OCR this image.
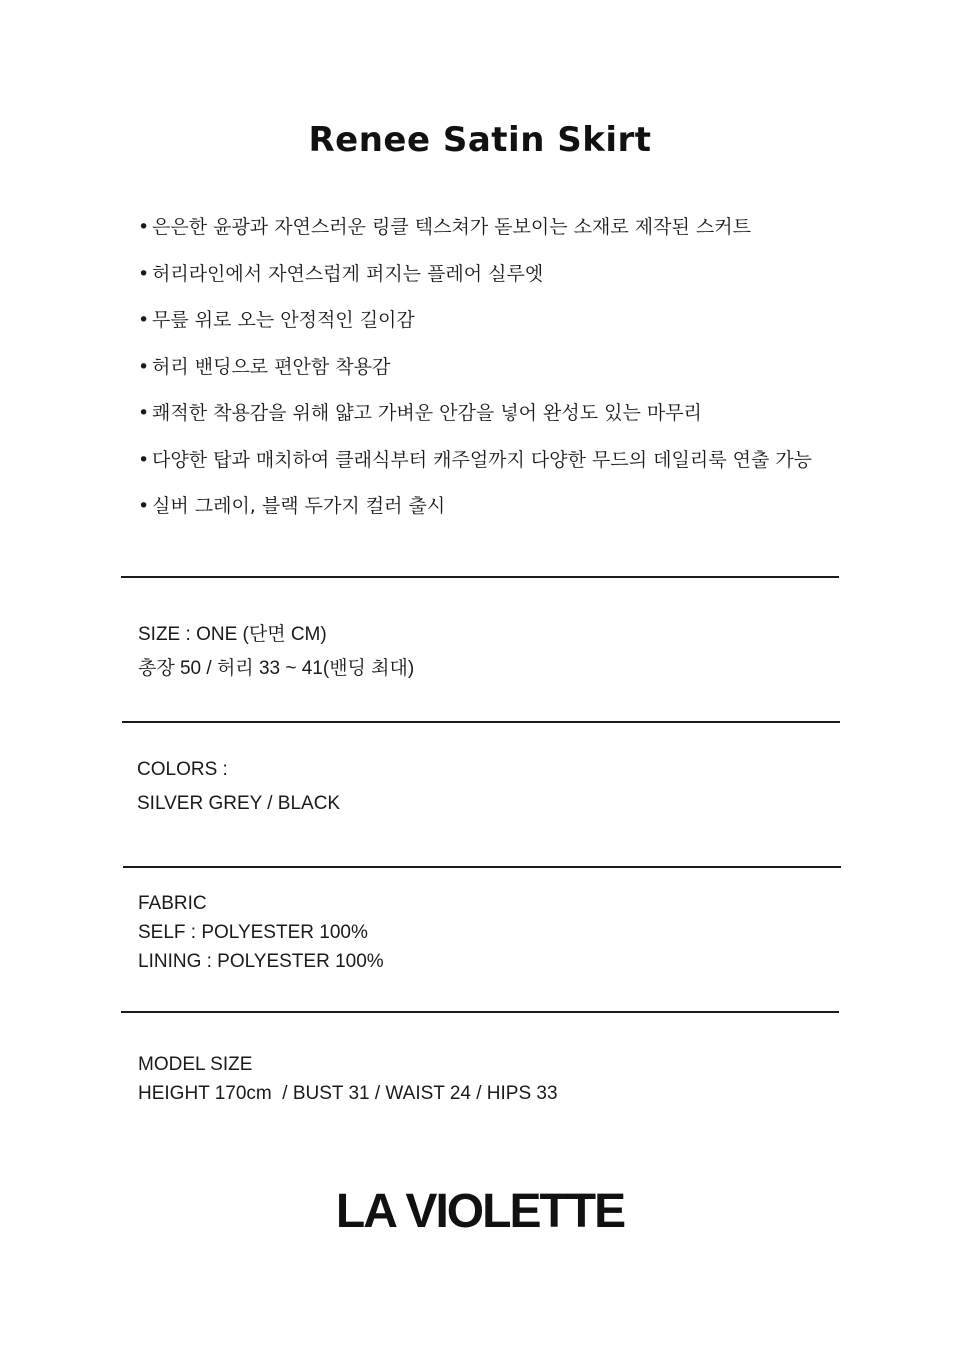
Renee Satin Skirt
• 은은한 윤광과 자연스러운 링클 텍스쳐가 돋보이는 소재로 제작된 스커트
• 허리라인에서 자연스럽게 퍼지는 플레어 실루엣
• 무릎 위로 오는 안정적인 길이감
• 허리 밴딩으로 편안함 착용감
• 쾌적한 착용감을 위해 얇고 가벼운 안감을 넣어 완성도 있는 마무리
• 다양한 탑과 매치하여 클래식부터 캐주얼까지 다양한 무드의 데일리룩 연출 가능
• 실버 그레이, 블랙 두가지 컬러 출시
SIZE : ONE (단면 CM)
총장 50 / 허리 33 ~ 41(밴딩 최대)
COLORS :
SILVER GREY / BLACK
FABRIC
SELF : POLYESTER 100%
LINING : POLYESTER 100%
MODEL SIZE
HEIGHT 170cm  / BUST 31 / WAIST 24 / HIPS 33
LA VIOLETTE
